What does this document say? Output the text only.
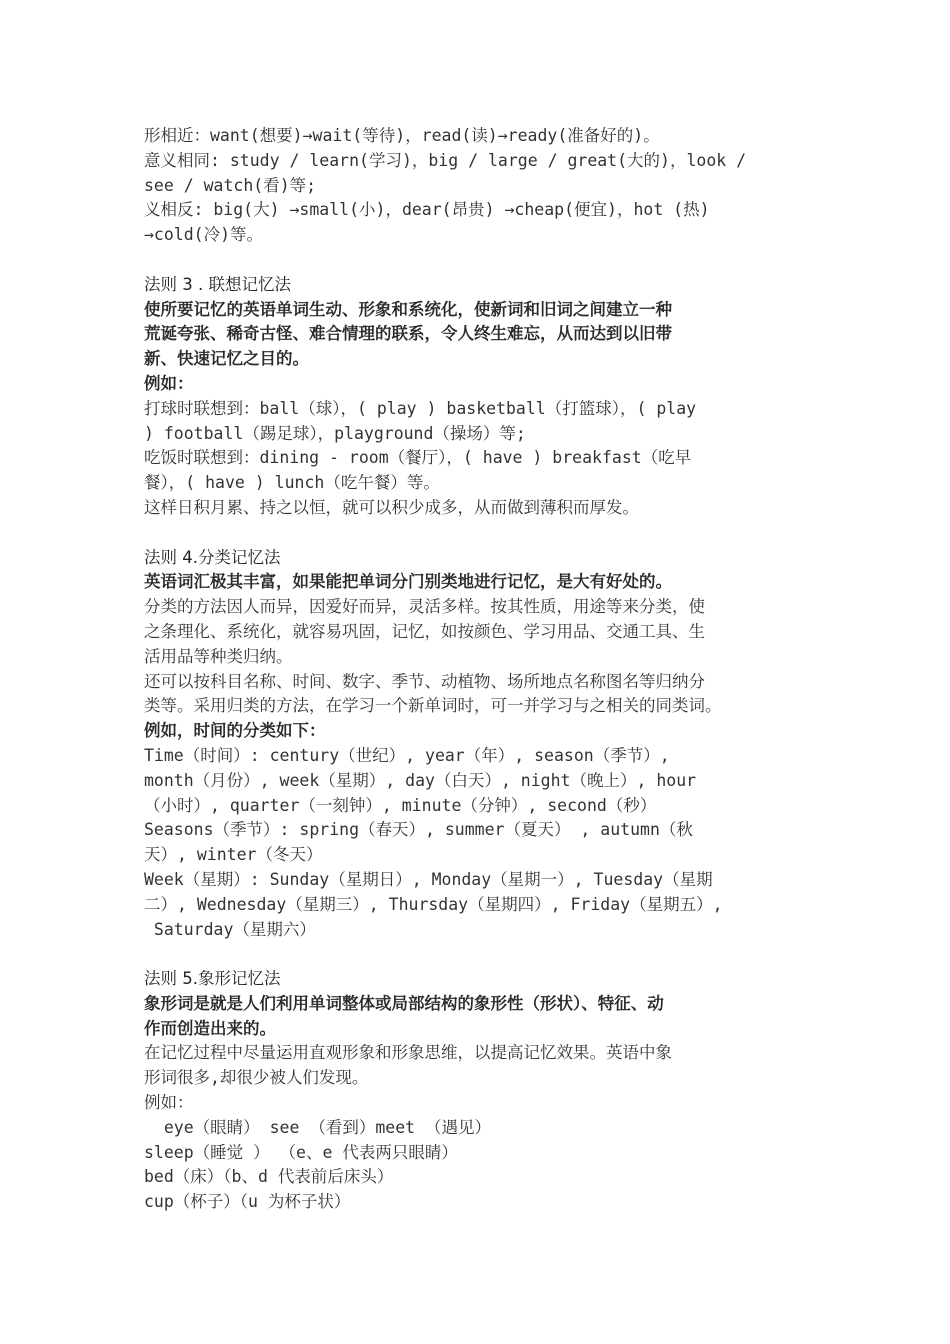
形相近：want(想要)→wait(等待)，read(读)→ready(准备好的)。
意义相同: study / learn(学习)，big / large / great(大的)，look /
see / watch(看)等;
义相反: big(大) →small(小)，dear(昂贵) →cheap(便宜)，hot (热)
→cold(冷)等。
法则 3 . 联想记忆法
使所要记忆的英语单词生动、形象和系统化，使新词和旧词之间建立一种
荒诞夸张、稀奇古怪、难合情理的联系，令人终生难忘，从而达到以旧带
新、快速记忆之目的。
例如：
打球时联想到：ball（球），( play ) basketball（打篮球），( play
) football（踢足球），playground（操场）等;
吃饭时联想到：dining - room（餐厅），( have ) breakfast（吃早
餐），( have ) lunch（吃午餐）等。
这样日积月累、持之以恒，就可以积少成多，从而做到薄积而厚发。
法则 4.分类记忆法
英语词汇极其丰富，如果能把单词分门别类地进行记忆，是大有好处的。
分类的方法因人而异，因爱好而异，灵活多样。按其性质，用途等来分类，使
之条理化、系统化，就容易巩固，记忆，如按颜色、学习用品、交通工具、生
活用品等种类归纳。
还可以按科目名称、时间、数字、季节、动植物、场所地点名称图名等归纳分
类等。采用归类的方法，在学习一个新单词时，可一并学习与之相关的同类词。
例如，时间的分类如下：
Time（时间）: century（世纪）, year（年）, season（季节）,
month（月份）, week（星期）, day（白天）, night（晚上）, hour
（小时）, quarter（一刻钟）, minute（分钟）, second（秒）
Seasons（季节）: spring（春天）, summer（夏天） , autumn（秋
天）, winter（冬天）
Week（星期）: Sunday（星期日）, Monday（星期一）, Tuesday（星期
二）, Wednesday（星期三）, Thursday（星期四）, Friday（星期五）,
Saturday（星期六）
法则 5.象形记忆法
象形词是就是人们利用单词整体或局部结构的象形性（形状）、特征、动
作而创造出来的。
在记忆过程中尽量运用直观形象和形象思维，以提高记忆效果。英语中象
形词很多,却很少被人们发现。
例如：
eye（眼睛） see （看到）meet （遇见）
sleep（睡觉 ） （e、e 代表两只眼睛）
bed（床）（b、d 代表前后床头）
cup（杯子）（u 为杯子状）
